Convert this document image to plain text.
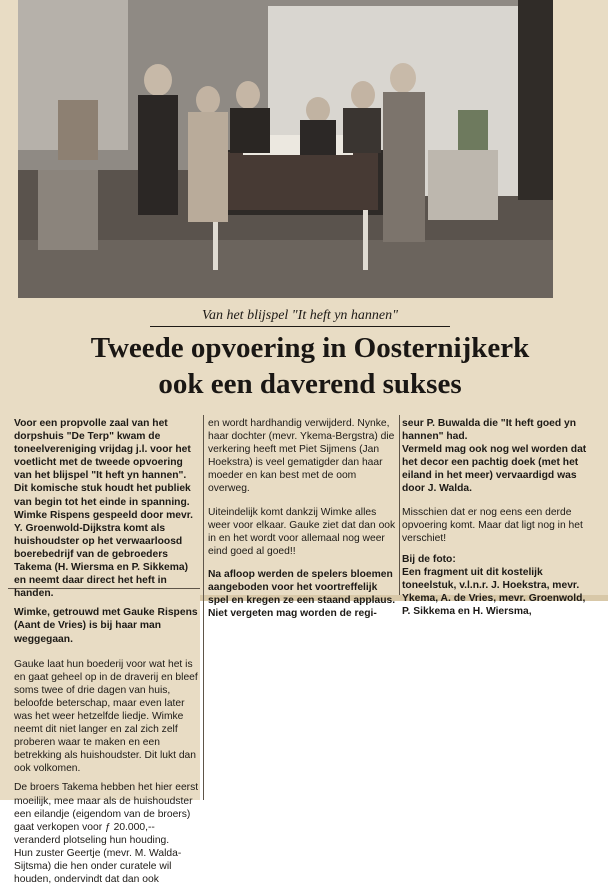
Van het blijspel "It heft yn hannen"
Tweede opvoering in Oosternijkerk
ook een daverend sukses

Voor een propvolle zaal van het dorpshuis "De Terp" kwam de toneelvereniging vrijdag j.l. voor het voetlicht met de tweede opvoering van het blijspel "It heft yn hannen". Dit komische stuk houdt het publiek van begin tot het einde in spanning. Wimke Rispens gespeeld door mevr. Y. Groenwold-Dijkstra komt als huishoudster op het verwaarloosd boerebedrijf van de gebroeders Takema (H. Wiersma en P. Sikkema) en neemt daar direct het heft in handen.

Wimke, getrouwd met Gauke Rispens (Aant de Vries) is bij haar man weggegaan.

Gauke laat hun boederij voor wat het is en gaat geheel op in de draverij en bleef soms twee of drie dagen van huis, beloofde beterschap, maar even later was het weer hetzelfde liedje. Wimke neemt dit niet langer en zal zich zelf proberen waar te maken en een betrekking als huishoudster. Dit lukt dan ook volkomen.

De broers Takema hebben het hier eerst moeilijk, mee maar als de huishoudster een eilandje (eigendom van de broers) gaat verkopen voor ƒ 20.000,-- veranderd plotseling hun houding.

Hun zuster Geertje (mevr. M. Walda-Sijtsma) die hen onder curatele wil houden, ondervindt dat dan ook

en wordt hardhandig verwijderd. Nynke, haar dochter (mevr. Ykema-Bergstra) die verkering heeft met Piet Sijmens (Jan Hoekstra) is veel gematigder dan haar moeder en kan best met de oom overweg.

Uiteindelijk komt dankzij Wimke alles weer voor elkaar. Gauke ziet dat dan ook in en het wordt voor allemaal nog weer eind goed al goed!!

Na afloop werden de spelers bloemen aangeboden voor het voortreffelijk spel en kregen ze een staand applaus. Niet vergeten mag worden de regi-

seur P. Buwalda die "It heft goed yn hannen" had.

Vermeld mag ook nog wel worden dat het decor een pachtig doek (met het eiland in het meer) vervaardigd was door J. Walda.

Misschien dat er nog eens een derde opvoering komt. Maar dat ligt nog in het verschiet!

Bij de foto:
Een fragment uit dit kostelijk toneelstuk, v.l.n.r. J. Hoekstra, mevr. Ykema, A. de Vries, mevr. Groenwold, P. Sikkema en H. Wiersma,
